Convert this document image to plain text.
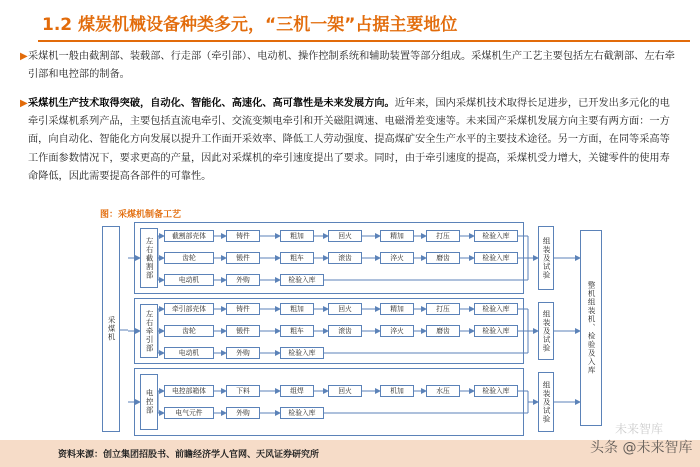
1.2 煤炭机械设备种类多元，“三机一架”占据主要地位
▶ 采煤机一般由截割部、装载部、行走部（牵引部）、电动机、操作控制系统和辅助装置等部分组成。采煤机生产工艺主要包括左右截割部、左右牵引部和电控部的制备。
▶ 采煤机生产技术取得突破，自动化、智能化、高速化、高可靠性是未来发展方向。近年来，国内采煤机技术取得长足进步，已开发出多元化的电牵引采煤机系列产品，主要包括直流电牵引、交流变频电牵引和开关磁阻调速、电磁滑差变速等。未来国产采煤机发展方向主要有两方面：一方面，向自动化、智能化方向发展以提升工作面开采效率、降低工人劳动强度、提高煤矿安全生产水平的主要技术途径。另一方面，在同等采高等工作面参数情况下，要求更高的产量，因此对采煤机的牵引速度提出了要求。同时，由于牵引速度的提高，采煤机受力增大，关键零件的使用寿命降低，因此需要提高各部件的可靠性。
图：采煤机制备工艺
采煤机
左右截割部
截割部壳体	铸件	粗加	回火	精加	打压	检验入库
齿轮	锻件	粗车	滚齿	淬火	磨齿	检验入库
电动机	外购	检验入库
组装及试验
左右牵引部
牵引部壳体	铸件	粗加	回火	精加	打压	检验入库
齿轮	锻件	粗车	滚齿	淬火	磨齿	检验入库
电动机	外购	检验入库
组装及试验
电控部	电控部箱体	下料	组焊	回火	机加	水压	检验入库
电气元件	外购	检验入库	组装及试验
整机组装机、检验及入库
资料来源：创立集团招股书、前瞻经济学人官网、天风证券研究所
未来智库
头条 @未来智库
